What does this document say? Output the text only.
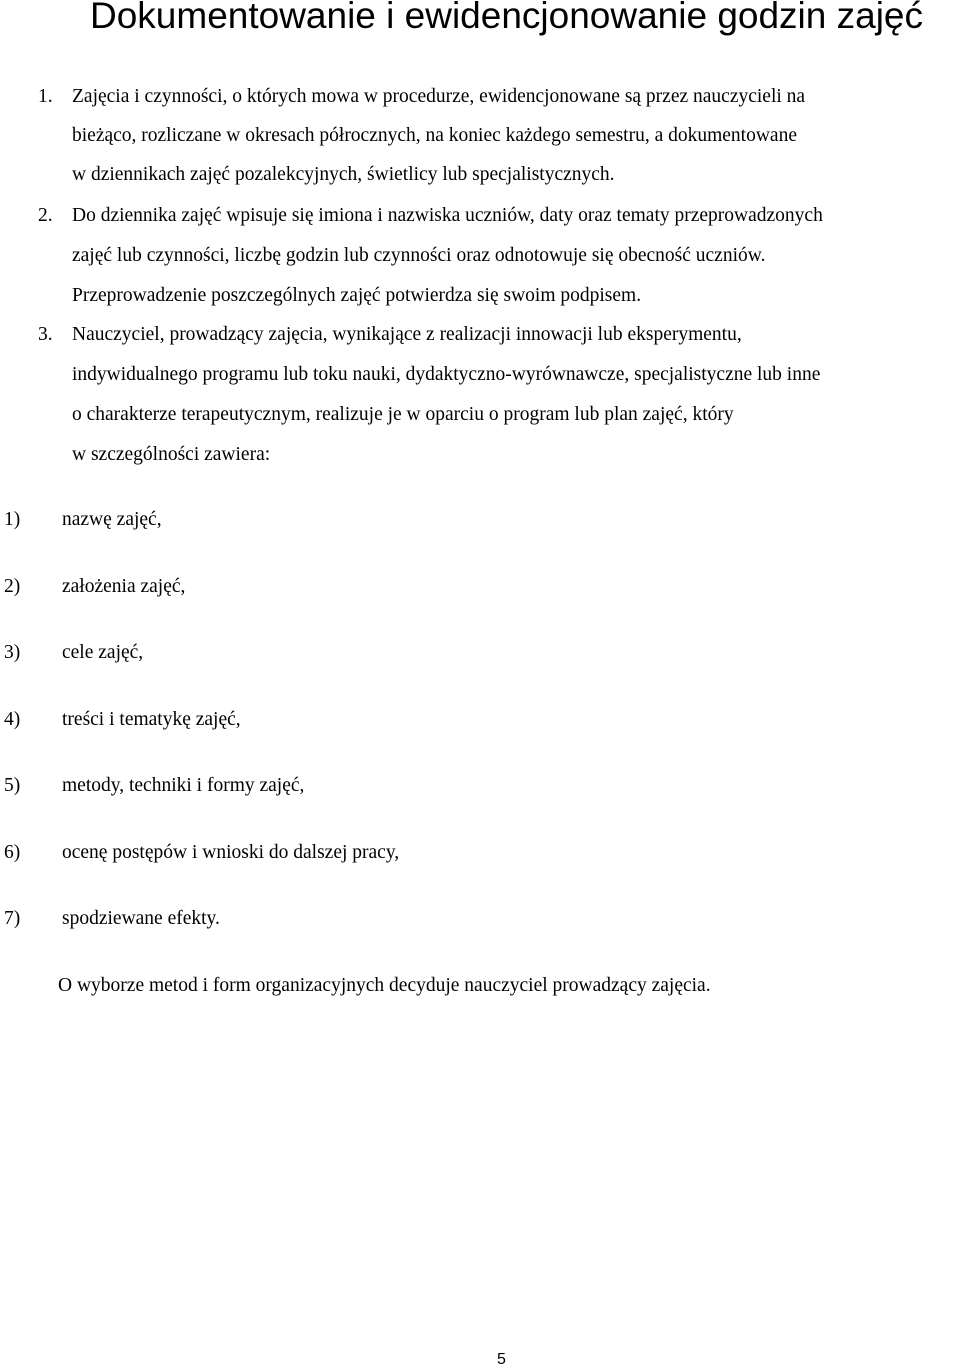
Dokumentowanie i ewidencjonowanie godzin zajęć
1. Zajęcia i czynności, o których mowa w procedurze, ewidencjonowane są przez nauczycieli na
bieżąco, rozliczane w okresach półrocznych, na koniec każdego semestru, a dokumentowane
w dziennikach zajęć pozalekcyjnych, świetlicy lub specjalistycznych.
2. Do dziennika zajęć wpisuje się imiona i nazwiska uczniów, daty oraz tematy przeprowadzonych
zajęć lub czynności, liczbę godzin lub czynności oraz odnotowuje się obecność uczniów.
Przeprowadzenie poszczególnych zajęć potwierdza się swoim podpisem.
3. Nauczyciel, prowadzący zajęcia, wynikające z realizacji innowacji lub eksperymentu,
indywidualnego programu lub toku nauki, dydaktyczno-wyrównawcze, specjalistyczne lub inne
o charakterze terapeutycznym, realizuje je w oparciu o program lub plan zajęć, który
w szczególności zawiera:
1) nazwę zajęć,
2) założenia zajęć,
3) cele zajęć,
4) treści i tematykę zajęć,
5) metody, techniki i formy zajęć,
6) ocenę postępów i wnioski do dalszej pracy,
7) spodziewane efekty.
O wyborze metod i form organizacyjnych decyduje nauczyciel prowadzący zajęcia.
5
